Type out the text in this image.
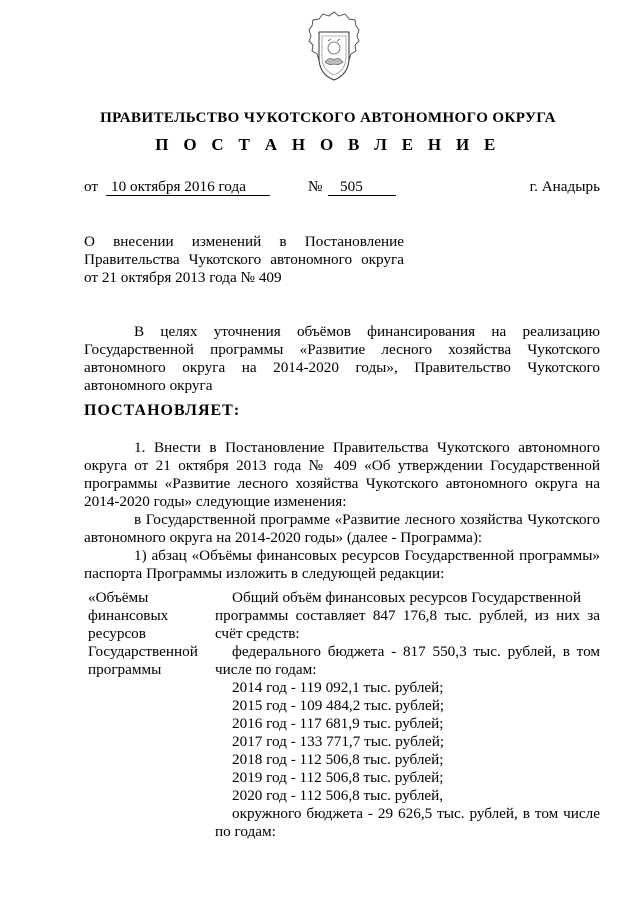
ПРАВИТЕЛЬСТВО ЧУКОТСКОГО АВТОНОМНОГО ОКРУГА
П О С Т А Н О В Л Е Н И Е
от 10 октября 2016 года	№ 505	г. Анадырь
О внесении изменений в Постановление
Правительства Чукотского автономного округа
от 21 октября 2013 года № 409
В целях уточнения объёмов финансирования на реализацию Государственной программы «Развитие лесного хозяйства Чукотского автономного округа на 2014-2020 годы», Правительство Чукотского автономного округа
ПОСТАНОВЛЯЕТ:
1. Внести в Постановление Правительства Чукотского автономного округа от 21 октября 2013 года № 409 «Об утверждении Государственной программы «Развитие лесного хозяйства Чукотского автономного округа на 2014-2020 годы» следующие изменения:
в Государственной программе «Развитие лесного хозяйства Чукотского автономного округа на 2014-2020 годы» (далее - Программа):
1) абзац «Объёмы финансовых ресурсов Государственной программы» паспорта Программы изложить в следующей редакции:
«Объёмы
финансовых
ресурсов
Государственной
программы
Общий объём финансовых ресурсов Государственной
программы составляет 847 176,8 тыс. рублей, из них за
счёт средств:
федерального бюджета - 817 550,3 тыс. рублей, в том
числе по годам:
2014 год - 119 092,1 тыс. рублей;
2015 год - 109 484,2 тыс. рублей;
2016 год - 117 681,9 тыс. рублей;
2017 год - 133 771,7 тыс. рублей;
2018 год - 112 506,8 тыс. рублей;
2019 год - 112 506,8 тыс. рублей;
2020 год - 112 506,8 тыс. рублей,
окружного бюджета - 29 626,5 тыс. рублей, в том числе
по годам:
